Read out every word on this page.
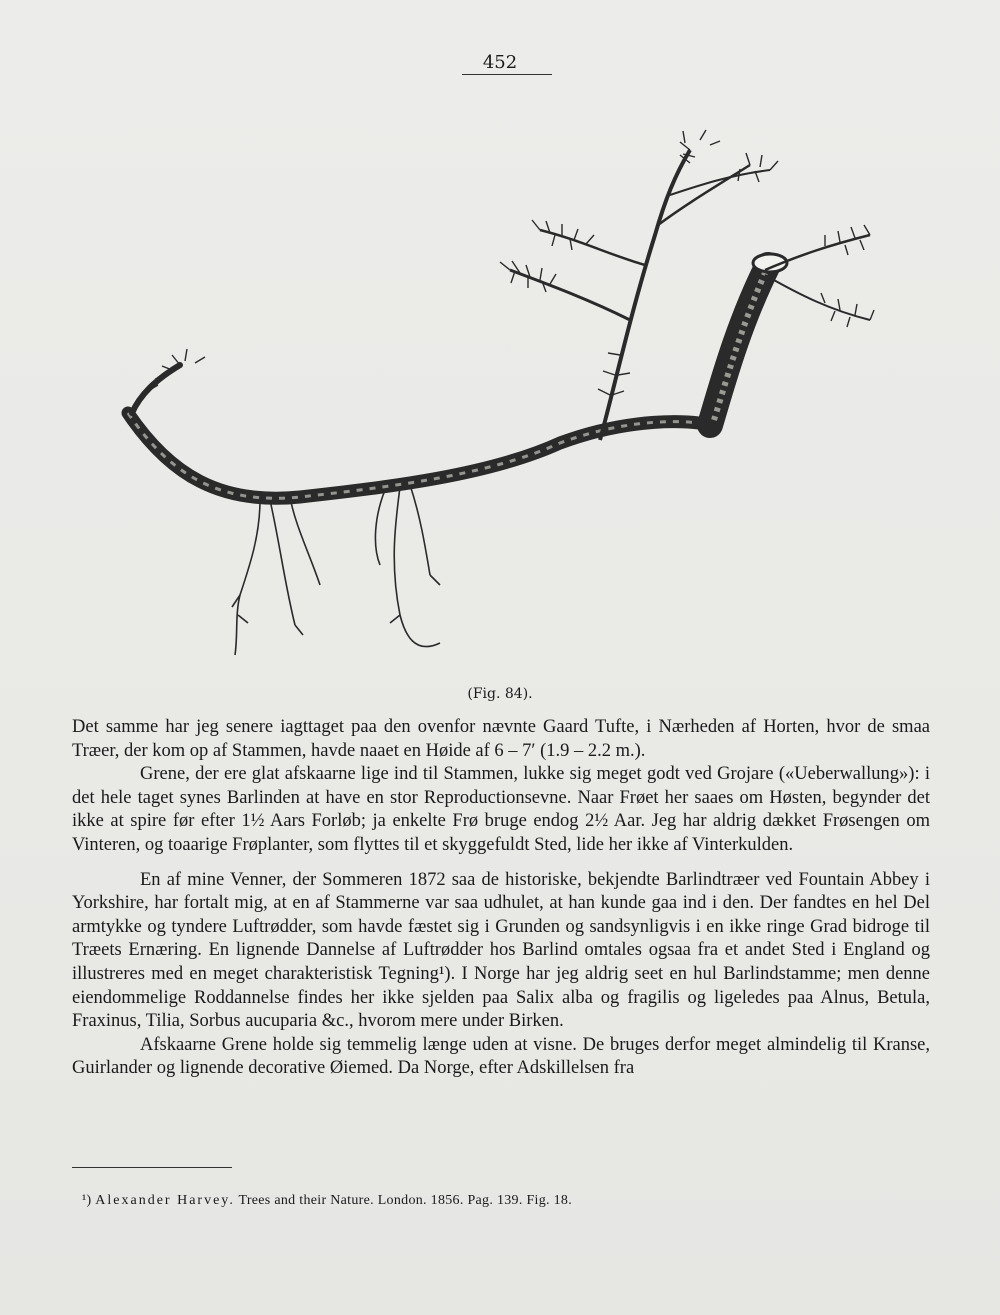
452
(Fig. 84).

Det samme har jeg senere iagttaget paa den ovenfor nævnte Gaard Tufte, i Nærheden af Horten, hvor de smaa Træer, der kom op af Stammen, havde naaet en Høide af 6 – 7′ (1.9 – 2.2 m.).

Grene, der ere glat afskaarne lige ind til Stammen, lukke sig meget godt ved Grojare («Ueberwallung»): i det hele taget synes Barlinden at have en stor Reproductionsevne. Naar Frøet her saaes om Høsten, begynder det ikke at spire før efter 1½ Aars Forløb; ja enkelte Frø bruge endog 2½ Aar. Jeg har aldrig dækket Frøsengen om Vinteren, og toaarige Frøplanter, som flyttes til et skyggefuldt Sted, lide her ikke af Vinterkulden.

En af mine Venner, der Sommeren 1872 saa de historiske, bekjendte Barlindtræer ved Fountain Abbey i Yorkshire, har fortalt mig, at en af Stammerne var saa udhulet, at han kunde gaa ind i den. Der fandtes en hel Del armtykke og tyndere Luftrødder, som havde fæstet sig i Grunden og sandsynligvis i en ikke ringe Grad bidroge til Træets Ernæring. En lignende Dannelse af Luftrødder hos Barlind omtales ogsaa fra et andet Sted i England og illustreres med en meget charakteristisk Tegning¹). I Norge har jeg aldrig seet en hul Barlindstamme; men denne eiendommelige Roddannelse findes her ikke sjelden paa Salix alba og fragilis og ligeledes paa Alnus, Betula, Fraxinus, Tilia, Sorbus aucuparia &c., hvorom mere under Birken.

Afskaarne Grene holde sig temmelig længe uden at visne. De bruges derfor meget almindelig til Kranse, Guirlander og lignende decorative Øiemed. Da Norge, efter Adskillelsen fra

¹) Alexander Harvey. Trees and their Nature. London. 1856. Pag. 139. Fig. 18.
